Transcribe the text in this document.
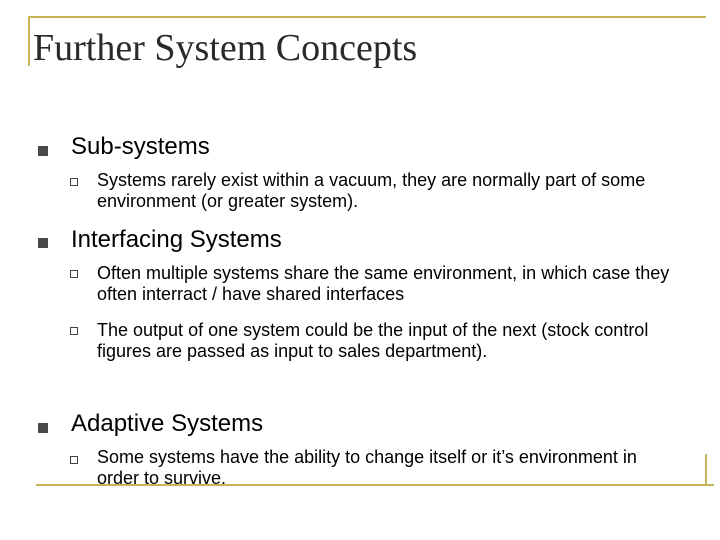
Further System Concepts
Sub-systems
Systems rarely exist within a vacuum, they are normally part of some environment (or greater system).
Interfacing Systems
Often multiple systems share the same environment, in which case they often interract / have shared interfaces
The output of one system could be the input of the next (stock control figures are passed as input to sales department).
Adaptive Systems
Some systems have the ability to change itself or it’s environment in order to survive.
